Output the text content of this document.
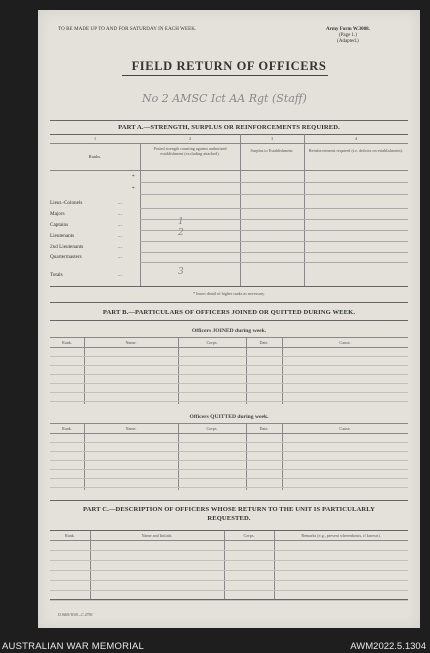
TO BE MADE UP TO AND FOR SATURDAY IN EACH WEEK.	Army Form W.3008.
(Page 1.)
(Adapted.)
FIELD RETURN OF OFFICERS
No 2 AMSC Ict AA Rgt (Staff)
PART A.—STRENGTH, SURPLUS OR REINFORCEMENTS REQUIRED.
1	2	3	4
Ranks.
Posted strength counting against authorized establishment (excluding attached).
Surplus to Establishment.	Reinforcements required (i.e. deficits on establishment).
*
*
Lieut.-Colonels	...
Majors	...
Captains	...	1
Lieutenants	...	2
2nd Lieutenants	...
Quartermasters	...
Totals	...	3
* Insert detail of higher ranks as necessary.
PART B.—PARTICULARS OF OFFICERS JOINED OR QUITTED DURING WEEK.
Officers JOINED during week.
Rank.	Name.	Corps.	Date.	Cause.
Officers QUITTED during week.
Rank.	Name.	Corps.	Date.	Cause.
PART C.—DESCRIPTION OF OFFICERS WHOSE RETURN TO THE UNIT IS PARTICULARLY REQUESTED.
Rank.	Name and Initials.	Corps.	Remarks (e.g., present whereabouts, if known).
D.9465/W.69—C.4796
AUSTRALIAN WAR MEMORIAL	AWM2022.5.1304
